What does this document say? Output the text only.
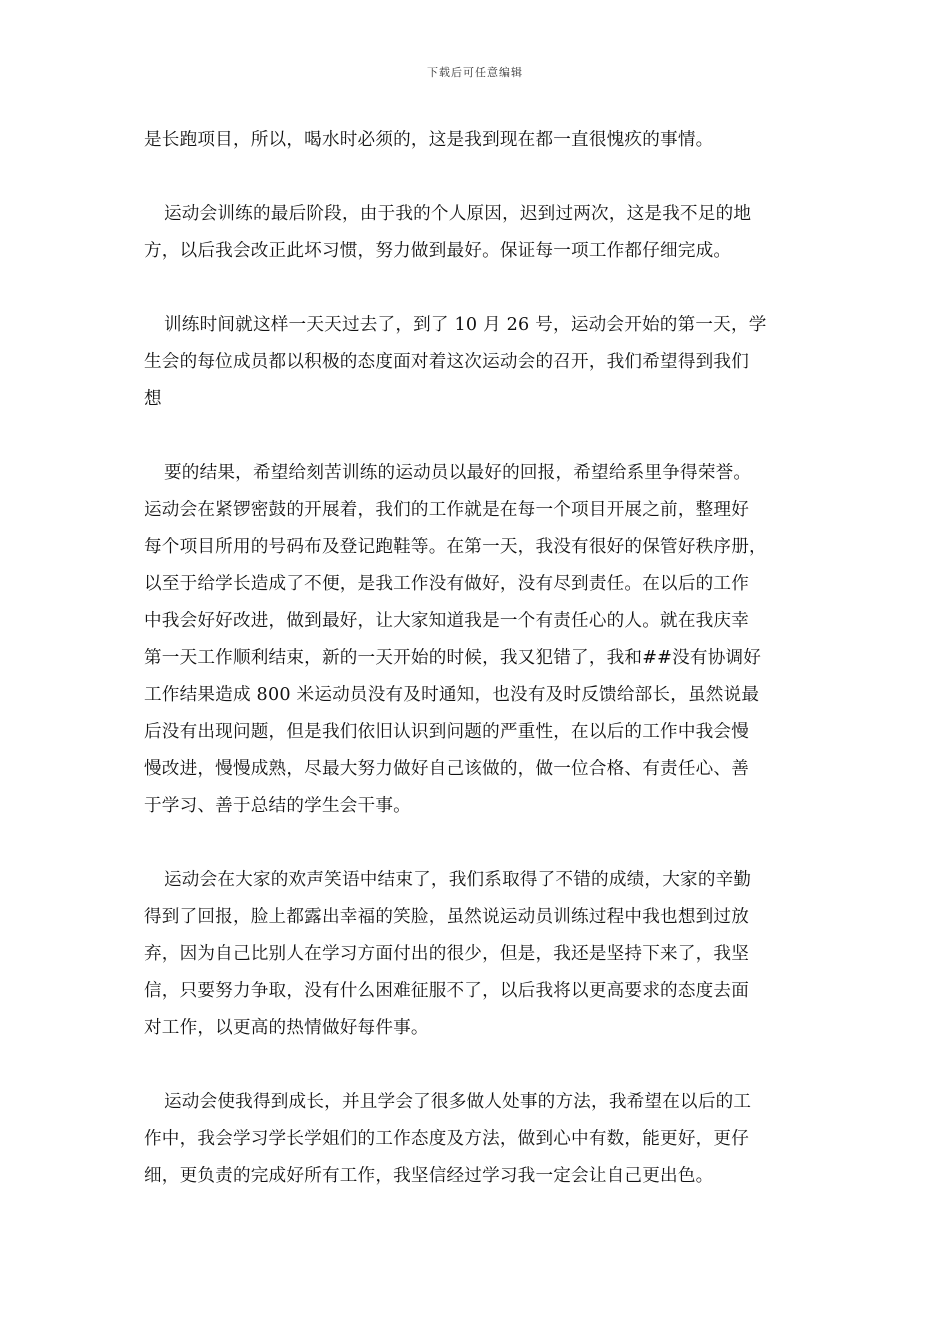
下载后可任意编辑

是长跑项目，所以，喝水时必须的，这是我到现在都一直很愧疚的事情。

运动会训练的最后阶段，由于我的个人原因，迟到过两次，这是我不足的地
方，以后我会改正此坏习惯，努力做到最好。保证每一项工作都仔细完成。

训练时间就这样一天天过去了，到了 10 月 26 号，运动会开始的第一天，学
生会的每位成员都以积极的态度面对着这次运动会的召开，我们希望得到我们
想

要的结果，希望给刻苦训练的运动员以最好的回报，希望给系里争得荣誉。
运动会在紧锣密鼓的开展着，我们的工作就是在每一个项目开展之前，整理好
每个项目所用的号码布及登记跑鞋等。在第一天，我没有很好的保管好秩序册，
以至于给学长造成了不便，是我工作没有做好，没有尽到责任。在以后的工作
中我会好好改进，做到最好，让大家知道我是一个有责任心的人。就在我庆幸
第一天工作顺利结束，新的一天开始的时候，我又犯错了，我和##没有协调好
工作结果造成 800 米运动员没有及时通知，也没有及时反馈给部长，虽然说最
后没有出现问题，但是我们依旧认识到问题的严重性，在以后的工作中我会慢
慢改进，慢慢成熟，尽最大努力做好自己该做的，做一位合格、有责任心、善
于学习、善于总结的学生会干事。

运动会在大家的欢声笑语中结束了，我们系取得了不错的成绩，大家的辛勤
得到了回报，脸上都露出幸福的笑脸，虽然说运动员训练过程中我也想到过放
弃，因为自己比别人在学习方面付出的很少，但是，我还是坚持下来了，我坚
信，只要努力争取，没有什么困难征服不了，以后我将以更高要求的态度去面
对工作，以更高的热情做好每件事。

运动会使我得到成长，并且学会了很多做人处事的方法，我希望在以后的工
作中，我会学习学长学姐们的工作态度及方法，做到心中有数，能更好，更仔
细，更负责的完成好所有工作，我坚信经过学习我一定会让自己更出色。
